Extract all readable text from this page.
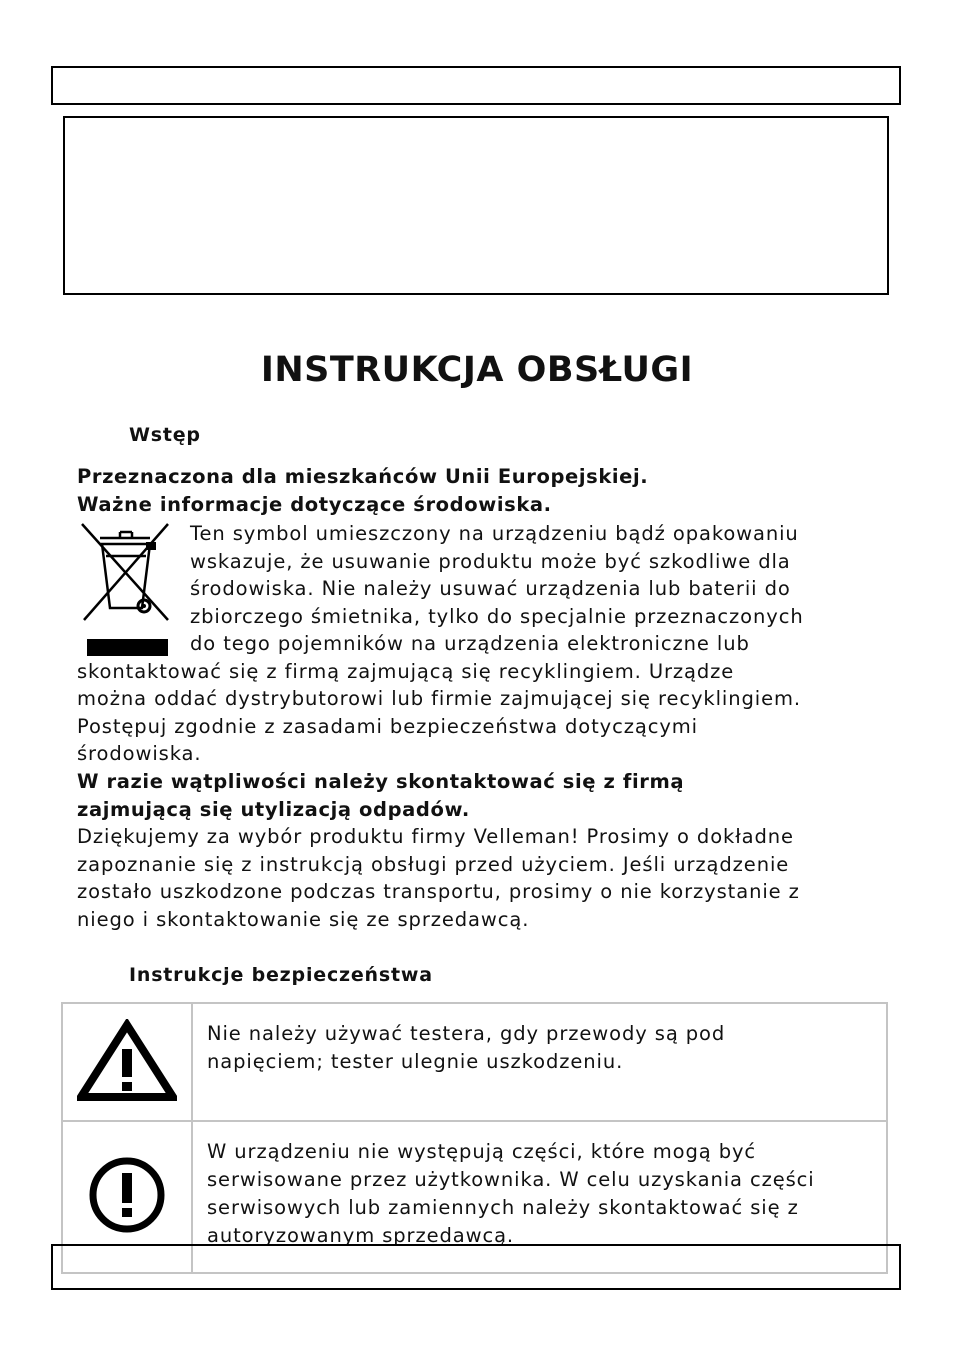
INSTRUKCJA OBSŁUGI
Wstęp
Przeznaczona dla mieszkańców Unii Europejskiej.
Ważne informacje dotyczące środowiska.
Ten symbol umieszczony na urządzeniu bądź opakowaniu
wskazuje, że usuwanie produktu może być szkodliwe dla
środowiska. Nie należy usuwać urządzenia lub baterii do
zbiorczego śmietnika, tylko do specjalnie przeznaczonych
do tego pojemników na urządzenia elektroniczne lub
skontaktować się z firmą zajmującą się recyklingiem. Urządze
można oddać dystrybutorowi lub firmie zajmującej się recyklingiem.
Postępuj zgodnie z zasadami bezpieczeństwa dotyczącymi
środowiska.
W razie wątpliwości należy skontaktować się z firmą
zajmującą się utylizacją odpadów.
Dziękujemy za wybór produktu firmy Velleman! Prosimy o dokładne
zapoznanie się z instrukcją obsługi przed użyciem. Jeśli urządzenie
zostało uszkodzone podczas transportu, prosimy o nie korzystanie z
niego i skontaktowanie się ze sprzedawcą.
Instrukcje bezpieczeństwa

Nie należy używać testera, gdy przewody są pod
napięciem; tester ulegnie uszkodzeniu.

W urządzeniu nie występują części, które mogą być
serwisowane przez użytkownika. W celu uzyskania części
serwisowych lub zamiennych należy skontaktować się z
autoryzowanym sprzedawcą.
